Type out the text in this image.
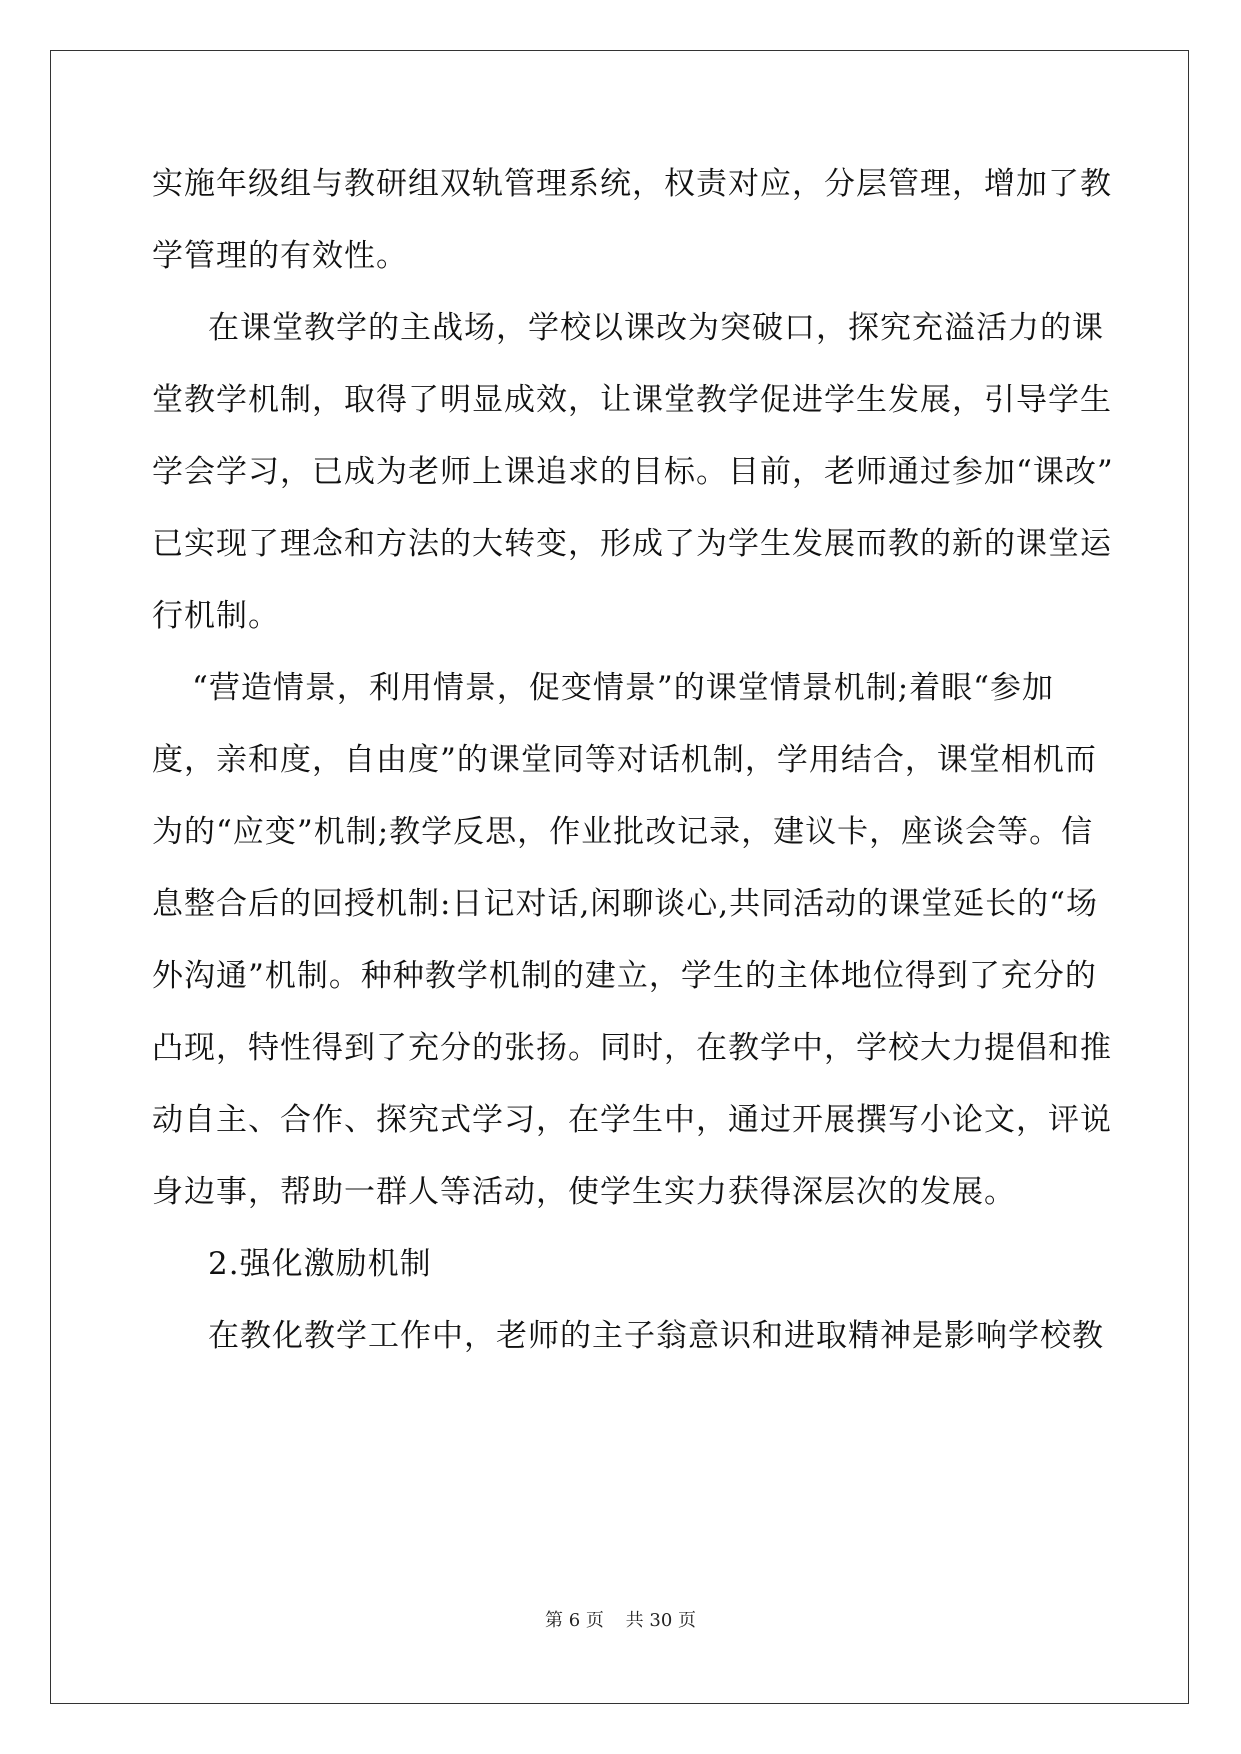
实施年级组与教研组双轨管理系统，权责对应，分层管理，增加了教
学管理的有效性。
在课堂教学的主战场，学校以课改为突破口，探究充溢活力的课
堂教学机制，取得了明显成效，让课堂教学促进学生发展，引导学生
学会学习，已成为老师上课追求的目标。目前，老师通过参加“课改”
已实现了理念和方法的大转变，形成了为学生发展而教的新的课堂运
行机制。
“营造情景，利用情景，促变情景”的课堂情景机制;着眼“参加
度，亲和度，自由度”的课堂同等对话机制，学用结合，课堂相机而
为的“应变”机制;教学反思，作业批改记录，建议卡，座谈会等。信
息整合后的回授机制:日记对话,闲聊谈心,共同活动的课堂延长的“场
外沟通”机制。种种教学机制的建立，学生的主体地位得到了充分的
凸现，特性得到了充分的张扬。同时，在教学中，学校大力提倡和推
动自主、合作、探究式学习，在学生中，通过开展撰写小论文，评说
身边事，帮助一群人等活动，使学生实力获得深层次的发展。
2.强化激励机制
在教化教学工作中，老师的主子翁意识和进取精神是影响学校教
第 6 页 共 30 页
